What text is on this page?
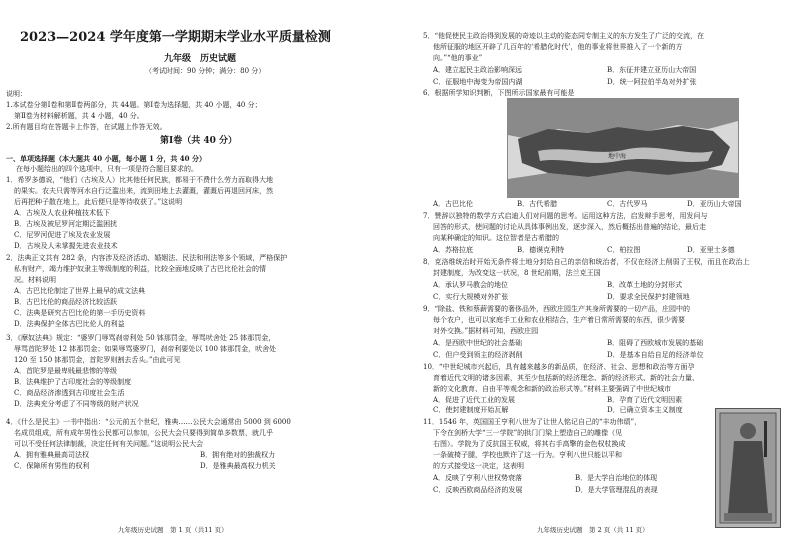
2023—2024 学年度第一学期期末学业水平质量检测
九年级　历史试题
（考试时间：90 分钟；满分：80 分）
说明：
1.本试卷分第Ⅰ卷和第Ⅱ卷两部分，共 44题。第Ⅰ卷为选择题，共 40 小题，40 分；
第Ⅱ卷为材料解析题，共 4 小题，40 分。
2.所有题目均在答题卡上作答，在试题上作答无效。
第Ⅰ卷（共 40 分）
一、单项选择题（本大题共 40 小题，每小题 1 分，共 40 分）
在每小题给出的四个选项中，只有一项是符合题目要求的。
1．希罗多德说，“他们（古埃及人）比其他任何民族，都易于不费什么劳力而取得大地
的果实。农夫只需等河水自行泛滥出来，流到田地上去灌溉，灌溉后再退回河床，然
后再把种子散在地上，此后便只是等待收获了。”这说明
A．古埃及人农业种植技术低下
B．古埃及被尼罗河定期泛滥困扰
C．尼罗河促进了埃及农业发展
D．古埃及人未掌握先进农业技术
2．法典正文共有 282 条，内容涉及经济活动、婚姻法、民法和刑法等多个领域，严格保护
私有财产，竭力维护奴隶主等级制度的利益，比较全面地反映了古巴比伦社会的情
况。材料说明
A．古巴比伦制定了世界上最早的成文法典
B．古巴比伦的商品经济比较活跃
C．法典是研究古巴比伦的第一手历史资料
D．法典保护全体古巴比伦人的利益
3．《摩奴法典》规定：“婆罗门辱骂刹帝利处 50 钵那罚金，辱骂吠舍处 25 钵那罚金，
辱骂首陀罗处 12 钵那罚金；如果辱骂婆罗门，刹帝利要处以 100 钵那罚金，吠舍处
120 至 150 钵那罚金，首陀罗则割去舌头。”由此可见
A．首陀罗是最卑贱最悲惨的等级
B．法典维护了古印度社会的等级制度
C．商品经济渗透到古印度社会生活
D．法典充分考虑了不同等级的财产状况
4．《什么是民主》一书中指出：“公元前五个世纪，雅典……公民大会通常由 5000 到 6000
名成员组成，所有成年男性公民都可以参加，公民大会只要得到简单多数票，就几乎
可以不受任何法律制裁，决定任何有关问题。”这说明公民大会
A．拥有雅典最高司法权	B．拥有绝对的独裁权力
C．保障所有男性的权利	D．是雅典最高权力机关
九年级历史试题　第 1 页（共11 页）
5．“他促使民主政治得到发展的奇迹以主动的姿态同专制主义的东方发生了广泛的交流，在
他所征服的地区开辟了几百年的‘希腊化时代’，他的事业将世界推入了一个新的方
向。”“他的事业”
A．建立起民主政治影响深远	B．东征并建立亚历山大帝国
C．征服地中海变为帝国内湖	D．统一阿拉伯半岛对外扩张
6．根据所学知识判断，下图所示国家最有可能是
地中海
A．古巴比伦	B．古代希腊	C．古代罗马	D．亚历山大帝国
7．赞辞以独特的数学方式启迪人们对问题的思考。运用这种方法，启发辩手思考，用发问与
回答的形式，使问题的讨论从具体事例出发，逐步深入，然后概括出普遍的结论，最后走
向某种确定的知识。这位智者是古希腊的
A．苏格拉底	B．德谟克利特	C．柏拉图	D．亚里士多德
8．克洛维统治时开始无条件将土地分封给自己的亲信和统治者，不仅在经济上削弱了王权，而且在政治上
封建制度，为改变这一状况，8 世纪前期，法兰克王国
A．承认罗马教会的地位	B．改革土地的分封形式
C．实行大规模对外扩张	D．要求全民保护封建领地
9．“除盐、铁和蔡薪需要的奢侈品外，西欧庄园生产其身所需要的一切产品，庄园中的
每个农户，也可以家庭手工业和农业相结合，生产着日常所需要的东西，很少需要
对外交换。”据材料可知，西欧庄园
A．是西欧中世纪的社会基础	B．阻碍了西欧城市发展的基础
C．但户受到领主的经济剥削	D．是基本自给自足的经济单位
10．“中世纪城市兴起后，具有越来越多的新品质，在经济、社会、思想和政治等方面孕
育着近代文明的诸多因素，其至少包括新的经济理念、新的经济形式、新的社会力量、
新的文化教育、自由平等观念和新的政治形式等。”材料主要强调了中世纪城市
A．促进了近代工业的发展	B．孕育了近代文明因素
C．使封建制度开始瓦解	D．已确立资本主义制度
11．1546 年，英国国王亨利八世为了让世人铭记自己的“丰功伟绩”，
下令在剑桥大学“三一学院”的拱门门梁上塑造自己的雕像（见
右图）。学院为了反抗国王权威，将其右手高擎的金色权杖换成
一条破椅子腿，学校也默许了这一行为。亨利八世只能以平和
的方式接受这一决定，这表明
A．反映了亨利八世权势衰落	B．是大学自治地位的体现
C．反映西欧商品经济的发展	D．是大学管理混乱的表现
九年级历史试题　第 2 页（共 11 页）
